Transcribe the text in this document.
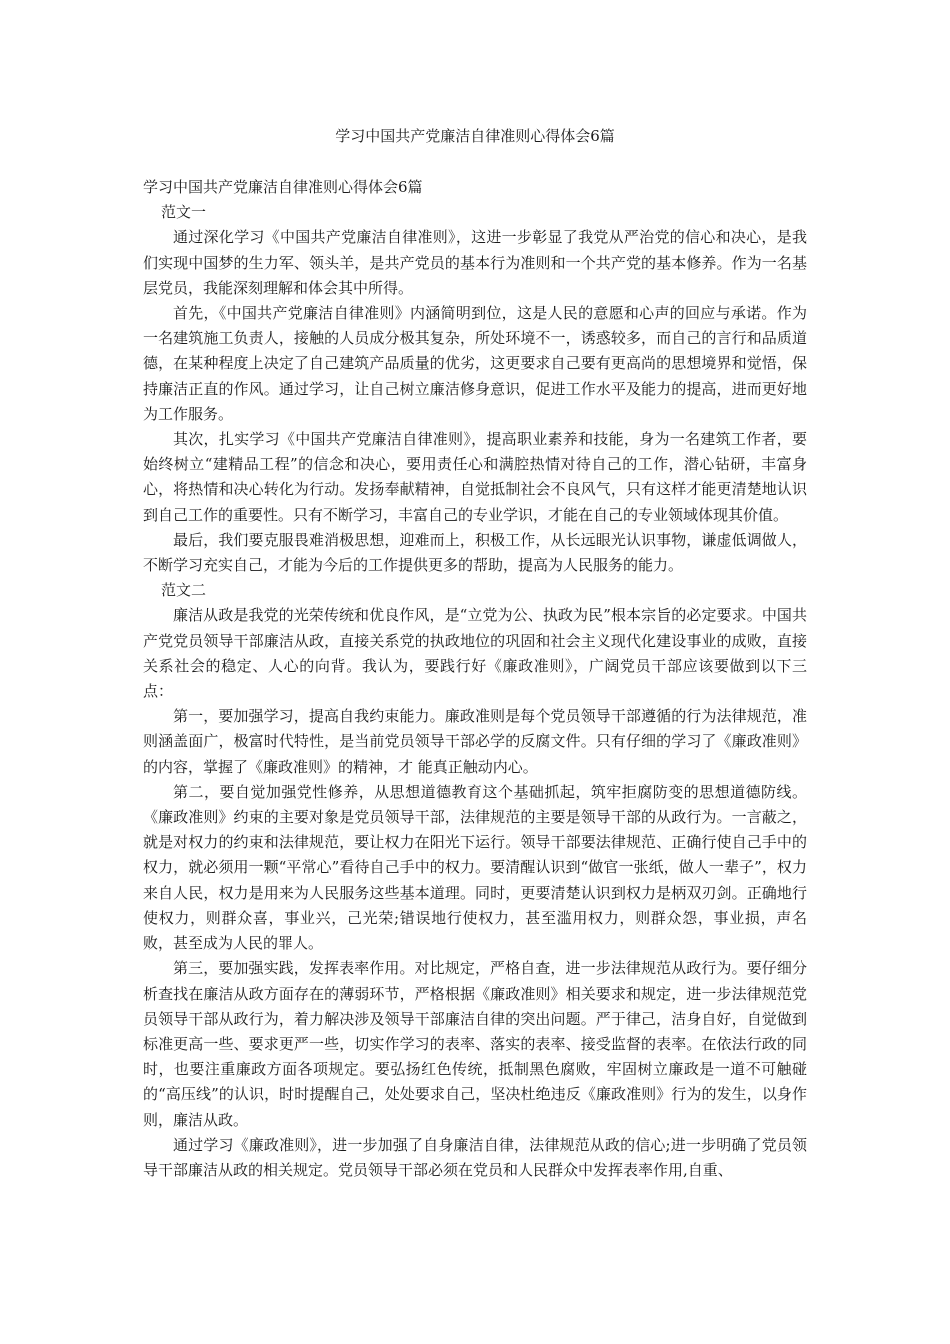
学习中国共产党廉洁自律准则心得体会6篇

学习中国共产党廉洁自律准则心得体会6篇

范文一

通过深化学习《中国共产党廉洁自律准则》，这进一步彰显了我党从严治党的信心和决心，是我们实现中国梦的生力军、领头羊，是共产党员的基本行为准则和一个共产党的基本修养。作为一名基层党员，我能深刻理解和体会其中所得。

首先，《中国共产党廉洁自律准则》内涵简明到位，这是人民的意愿和心声的回应与承诺。作为一名建筑施工负责人，接触的人员成分极其复杂，所处环境不一，诱惑较多，而自己的言行和品质道德，在某种程度上决定了自己建筑产品质量的优劣，这更要求自己要有更高尚的思想境界和觉悟，保持廉洁正直的作风。通过学习，让自己树立廉洁修身意识，促进工作水平及能力的提高，进而更好地为工作服务。

其次，扎实学习《中国共产党廉洁自律准则》，提高职业素养和技能，身为一名建筑工作者，要始终树立“建精品工程”的信念和决心，要用责任心和满腔热情对待自己的工作，潜心钻研，丰富身心，将热情和决心转化为行动。发扬奉献精神，自觉抵制社会不良风气，只有这样才能更清楚地认识到自己工作的重要性。只有不断学习，丰富自己的专业学识，才能在自己的专业领域体现其价值。

最后，我们要克服畏难消极思想，迎难而上，积极工作，从长远眼光认识事物，谦虚低调做人，不断学习充实自己，才能为今后的工作提供更多的帮助，提高为人民服务的能力。

范文二

廉洁从政是我党的光荣传统和优良作风，是“立党为公、执政为民”根本宗旨的必定要求。中国共产党党员领导干部廉洁从政，直接关系党的执政地位的巩固和社会主义现代化建设事业的成败，直接关系社会的稳定、人心的向背。我认为，要践行好《廉政准则》，广阔党员干部应该要做到以下三点：

第一，要加强学习，提高自我约束能力。廉政准则是每个党员领导干部遵循的行为法律规范，准则涵盖面广，极富时代特性，是当前党员领导干部必学的反腐文件。只有仔细的学习了《廉政准则》的内容，掌握了《廉政准则》的精神，才 能真正触动内心。

第二，要自觉加强党性修养，从思想道德教育这个基础抓起，筑牢拒腐防变的思想道德防线。《廉政准则》约束的主要对象是党员领导干部，法律规范的主要是领导干部的从政行为。一言蔽之，就是对权力的约束和法律规范，要让权力在阳光下运行。领导干部要法律规范、正确行使自己手中的权力，就必须用一颗“平常心”看待自己手中的权力。要清醒认识到“做官一张纸，做人一辈子”，权力来自人民，权力是用来为人民服务这些基本道理。同时，更要清楚认识到权力是柄双刃剑。正确地行使权力，则群众喜，事业兴，己光荣;错误地行使权力，甚至滥用权力，则群众怨，事业损，声名败，甚至成为人民的罪人。

第三，要加强实践，发挥表率作用。对比规定，严格自查，进一步法律规范从政行为。要仔细分析查找在廉洁从政方面存在的薄弱环节，严格根据《廉政准则》相关要求和规定，进一步法律规范党员领导干部从政行为，着力解决涉及领导干部廉洁自律的突出问题。严于律己，洁身自好，自觉做到标准更高一些、要求更严一些，切实作学习的表率、落实的表率、接受监督的表率。在依法行政的同时，也要注重廉政方面各项规定。要弘扬红色传统，抵制黑色腐败，牢固树立廉政是一道不可触碰的“高压线”的认识，时时提醒自己，处处要求自己，坚决杜绝违反《廉政准则》行为的发生，以身作则，廉洁从政。

通过学习《廉政准则》，进一步加强了自身廉洁自律，法律规范从政的信心;进一步明确了党员领导干部廉洁从政的相关规定。党员领导干部必须在党员和人民群众中发挥表率作用,自重、
